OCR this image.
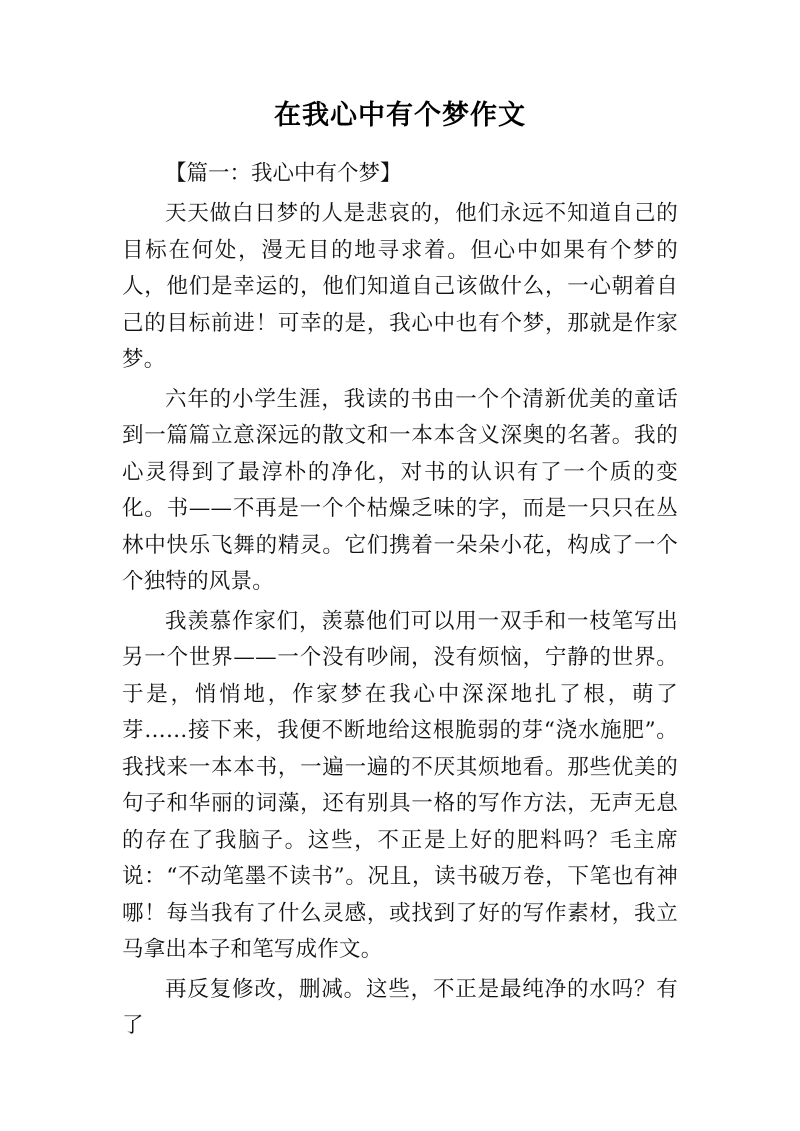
在我心中有个梦作文
【篇一：我心中有个梦】

天天做白日梦的人是悲哀的，他们永远不知道自己的目标在何处，漫无目的地寻求着。但心中如果有个梦的人，他们是幸运的，他们知道自己该做什么，一心朝着自己的目标前进！可幸的是，我心中也有个梦，那就是作家梦。

六年的小学生涯，我读的书由一个个清新优美的童话到一篇篇立意深远的散文和一本本含义深奥的名著。我的心灵得到了最淳朴的净化，对书的认识有了一个质的变化。书——不再是一个个枯燥乏味的字，而是一只只在丛林中快乐飞舞的精灵。它们携着一朵朵小花，构成了一个个独特的风景。

我羡慕作家们，羡慕他们可以用一双手和一枝笔写出另一个世界——一个没有吵闹，没有烦恼，宁静的世界。于是，悄悄地，作家梦在我心中深深地扎了根，萌了芽……接下来，我便不断地给这根脆弱的芽“浇水施肥”。我找来一本本书，一遍一遍的不厌其烦地看。那些优美的句子和华丽的词藻，还有别具一格的写作方法，无声无息的存在了我脑子。这些，不正是上好的肥料吗？毛主席说：“不动笔墨不读书”。况且，读书破万卷，下笔也有神哪！每当我有了什么灵感，或找到了好的写作素材，我立马拿出本子和笔写成作文。

再反复修改，删减。这些，不正是最纯净的水吗？有了
